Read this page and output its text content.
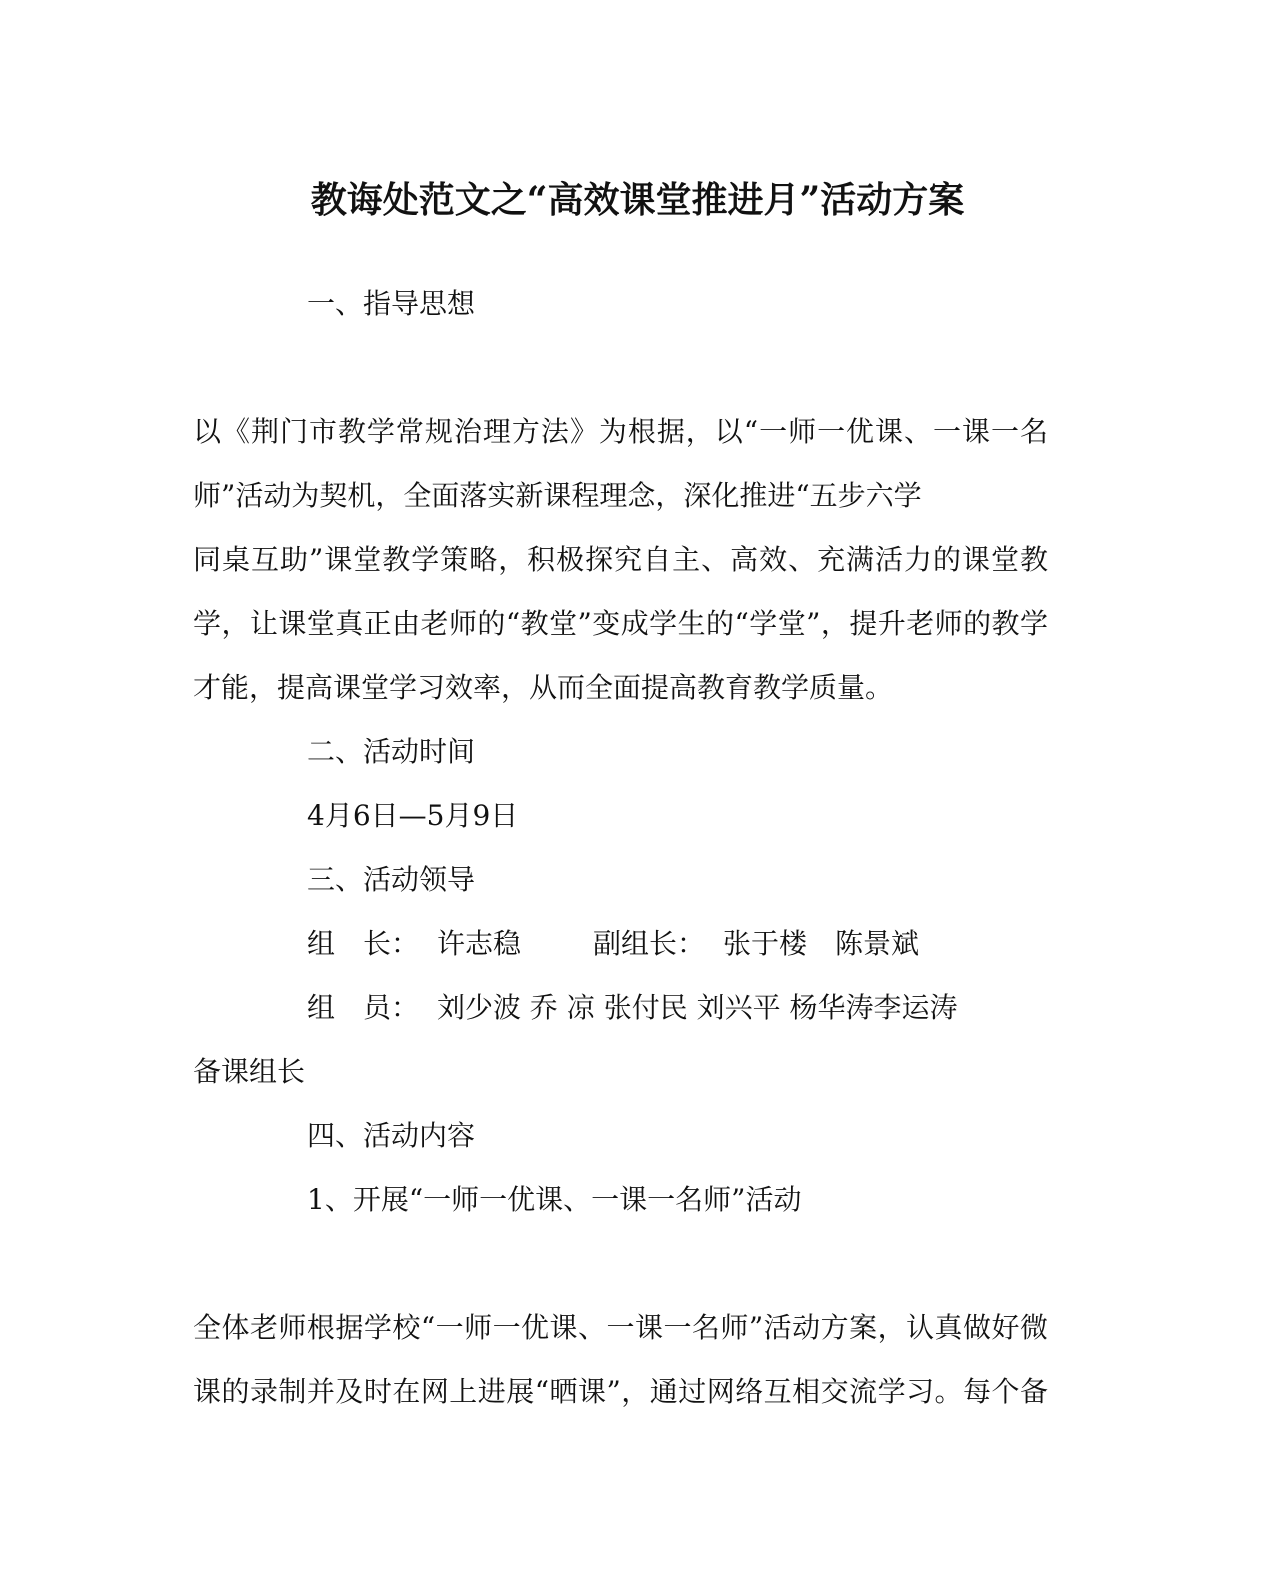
教诲处范文之“高效课堂推进月”活动方案
一、指导思想
以《荆门市教学常规治理方法》为根据，以“一师一优课、一课一名
师”活动为契机，全面落实新课程理念，深化推进“五步六学
同桌互助”课堂教学策略，积极探究自主、高效、充满活力的课堂教
学，让课堂真正由老师的“教堂”变成学生的“学堂”，提升老师的教学
才能，提高课堂学习效率，从而全面提高教育教学质量。
二、活动时间
4月6日—5月9日
三、活动领导
组　长： 许志稳	副组长： 张于楼　陈景斌
组　员： 刘少波 乔 凉 张付民 刘兴平 杨华涛李运涛
备课组长
四、活动内容
1、开展“一师一优课、一课一名师”活动
全体老师根据学校“一师一优课、一课一名师”活动方案，认真做好微
课的录制并及时在网上进展“晒课”，通过网络互相交流学习。每个备
